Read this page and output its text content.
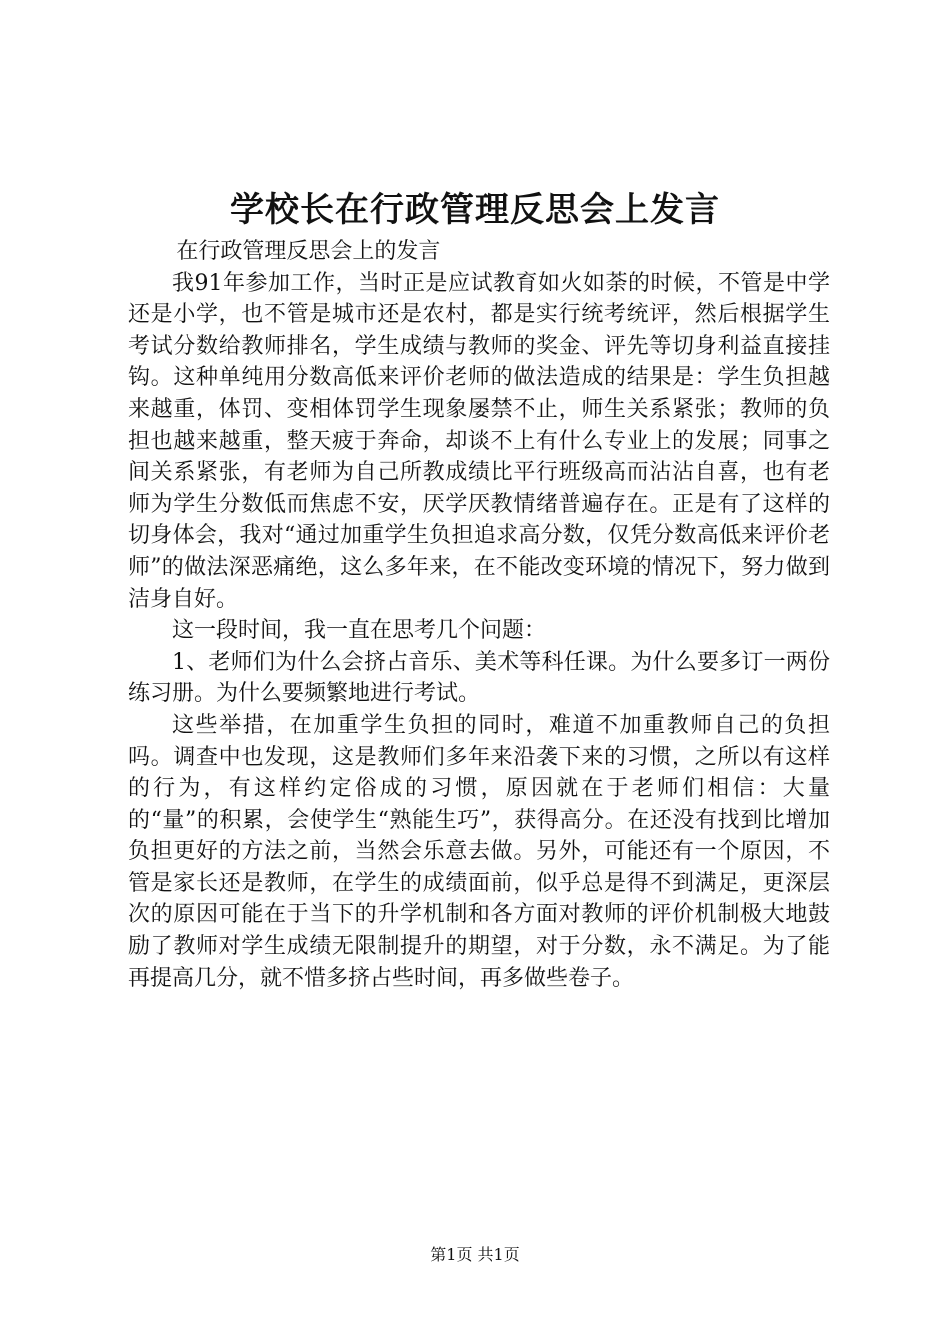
学校长在行政管理反思会上发言

在行政管理反思会上的发言

我91年参加工作，当时正是应试教育如火如荼的时候，不管是中学还是小学，也不管是城市还是农村，都是实行统考统评，然后根据学生考试分数给教师排名，学生成绩与教师的奖金、评先等切身利益直接挂钩。这种单纯用分数高低来评价老师的做法造成的结果是：学生负担越来越重，体罚、变相体罚学生现象屡禁不止，师生关系紧张；教师的负担也越来越重，整天疲于奔命，却谈不上有什么专业上的发展；同事之间关系紧张，有老师为自己所教成绩比平行班级高而沾沾自喜，也有老师为学生分数低而焦虑不安，厌学厌教情绪普遍存在。正是有了这样的切身体会，我对“通过加重学生负担追求高分数，仅凭分数高低来评价老师”的做法深恶痛绝，这么多年来，在不能改变环境的情况下，努力做到洁身自好。

这一段时间，我一直在思考几个问题：

1、老师们为什么会挤占音乐、美术等科任课。为什么要多订一两份练习册。为什么要频繁地进行考试。

这些举措，在加重学生负担的同时，难道不加重教师自己的负担吗。调查中也发现，这是教师们多年来沿袭下来的习惯，之所以有这样的行为，有这样约定俗成的习惯，原因就在于老师们相信：大量的“量”的积累，会使学生“熟能生巧”，获得高分。在还没有找到比增加负担更好的方法之前，当然会乐意去做。另外，可能还有一个原因，不管是家长还是教师，在学生的成绩面前，似乎总是得不到满足，更深层次的原因可能在于当下的升学机制和各方面对教师的评价机制极大地鼓励了教师对学生成绩无限制提升的期望，对于分数，永不满足。为了能再提高几分，就不惜多挤占些时间，再多做些卷子。

第1页 共1页
